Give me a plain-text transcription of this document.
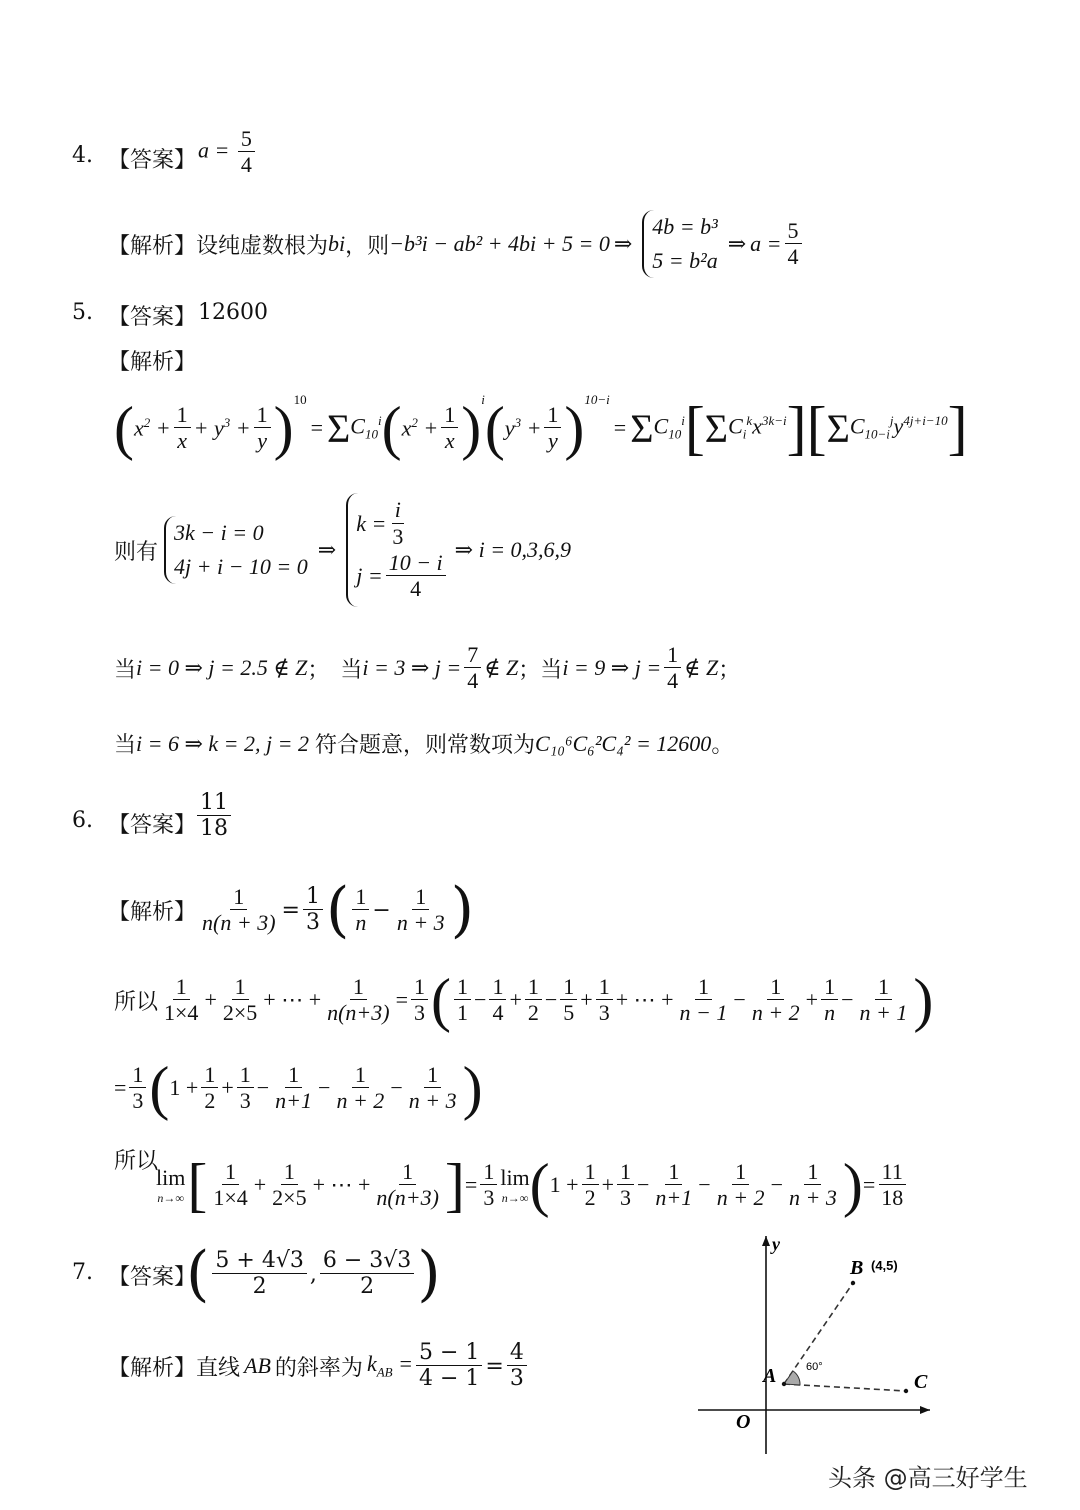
4. 【答案】 $a = \frac{5}{4}$
【解析】 设纯虚数根为 bi ，则 −b³i − ab² + 4bi + 5 = 0 ⇒
4b = b³
5 = b²a
⇒ $a = \frac{5}{4}$
5. 【答案】 12600
【解析】
( $x^2 + \frac{1}{x} + y^3 + \frac{1}{y} )^{10}$
= Σ $C_{10}^i$ ( $x^2 + \frac{1}{x} )^i$ ( $y^3 + \frac{1}{y} )^{10-i}$
= Σ $C_{10}^i$ [ Σ $C_i^kx^{3k-i}$ ] [ Σ $C_{10-i}^jy^{4j+i-10}$ ]
则有
3k − i = 0
4j + i − 10 = 0
⇒
$k = \frac{i}{3}$
$j = \frac{10 - i}{4}$
⇒ i = 0,3,6,9
当 i = 0 ⇒ j = 2.5 ∉ Z ；  当 i = 3 ⇒ $j = \frac{7}{4}$ ∉ Z ；当 i = 9 ⇒ $j = \frac{1}{4}$ ∉ Z ；
当 i = 6 ⇒ k = 2, j = 2 符合题意，则常数项为 C₁₀⁶C₆²C₄² = 12600 。
6. 【答案】 $\frac{11}{18}$
【解析】 $\frac{1}{n(n + 3)} = \frac{1}{3}$ ( $\frac{1}{n} - \frac{1}{n + 3}$ )
所以 $\frac{1}{1\times 4} + \frac{1}{2\times 5}$ + ⋯ + $\frac{1}{n(n+3)} = \frac{1}{3}$ ( $\frac{1}{1} - \frac{1}{4} + \frac{1}{2} - \frac{1}{5} + \frac{1}{3}$ + ⋯ + $\frac{1}{n - 1} - \frac{1}{n + 2} + \frac{1}{n} - \frac{1}{n + 1}$ )
= $\frac{1}{3}$ ( $1 + \frac{1}{2} + \frac{1}{3} - \frac{1}{n+1} - \frac{1}{n + 2} - \frac{1}{n + 3}$ )
所以
lim
n→∞ [ $\frac{1}{1\times 4} + \frac{1}{2\times 5}$ + ⋯ + $\frac{1}{n(n+3)}$ ] = $\frac{1}{3}$ lim
n→∞ ( $1 + \frac{1}{2} + \frac{1}{3} - \frac{1}{n+1} - \frac{1}{n + 2} - \frac{1}{n + 3}$ ) = $\frac{11}{18}$
7. 【答案】
( $\frac{5 + 4√3}{2}$ , $\frac{6 - 3√3}{2}$ )
【解析】 直线 AB 的斜率为 $k_{AB} = \frac{5 - 1}{4 - 1} = \frac{4}{3}$
y
O
A
B (4,5)
C
60°
头条 @高三好学生
